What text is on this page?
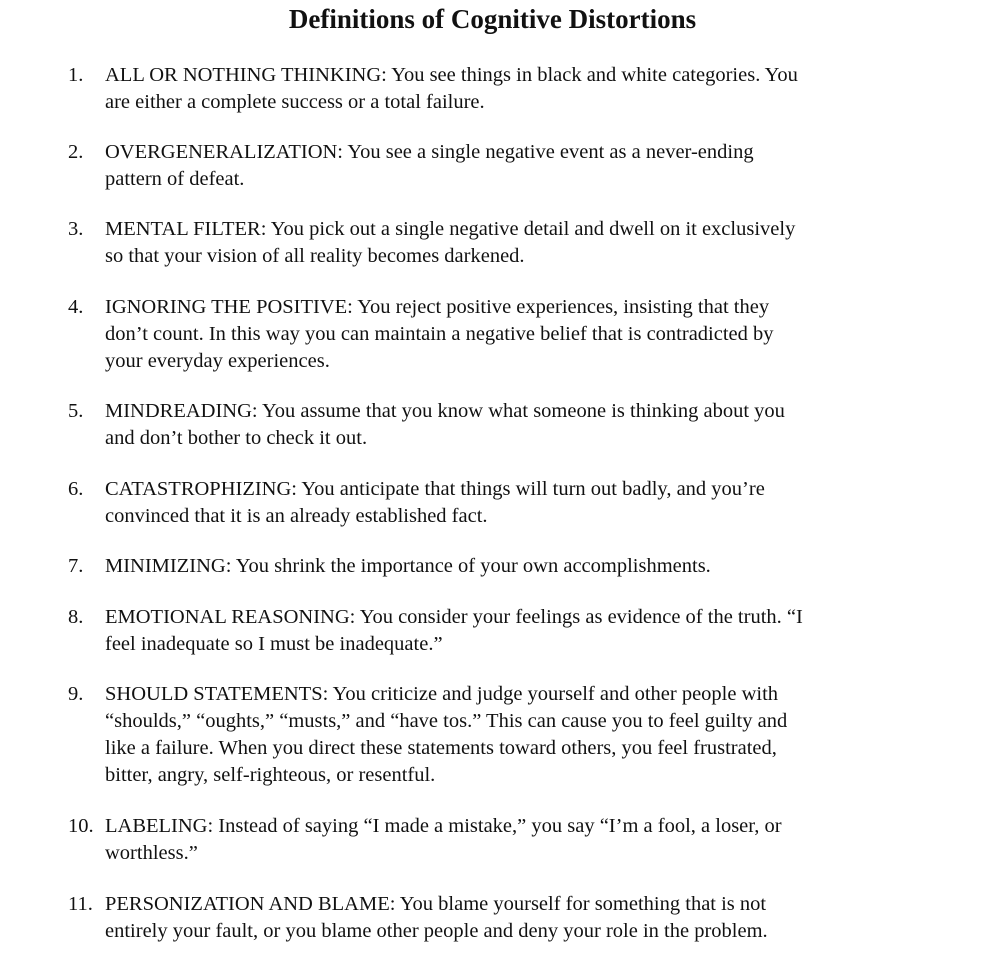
Definitions of Cognitive Distortions
1. ALL OR NOTHING THINKING: You see things in black and white categories. You
are either a complete success or a total failure.
2. OVERGENERALIZATION: You see a single negative event as a never-ending
pattern of defeat.
3. MENTAL FILTER: You pick out a single negative detail and dwell on it exclusively
so that your vision of all reality becomes darkened.
4. IGNORING THE POSITIVE: You reject positive experiences, insisting that they
don’t count. In this way you can maintain a negative belief that is contradicted by
your everyday experiences.
5. MINDREADING: You assume that you know what someone is thinking about you
and don’t bother to check it out.
6. CATASTROPHIZING: You anticipate that things will turn out badly, and you’re
convinced that it is an already established fact.
7. MINIMIZING: You shrink the importance of your own accomplishments.
8. EMOTIONAL REASONING: You consider your feelings as evidence of the truth. “I
feel inadequate so I must be inadequate.”
9. SHOULD STATEMENTS: You criticize and judge yourself and other people with
“shoulds,” “oughts,” “musts,” and “have tos.” This can cause you to feel guilty and
like a failure. When you direct these statements toward others, you feel frustrated,
bitter, angry, self-righteous, or resentful.
10. LABELING: Instead of saying “I made a mistake,” you say “I’m a fool, a loser, or
worthless.”
11. PERSONIZATION AND BLAME: You blame yourself for something that is not
entirely your fault, or you blame other people and deny your role in the problem.
